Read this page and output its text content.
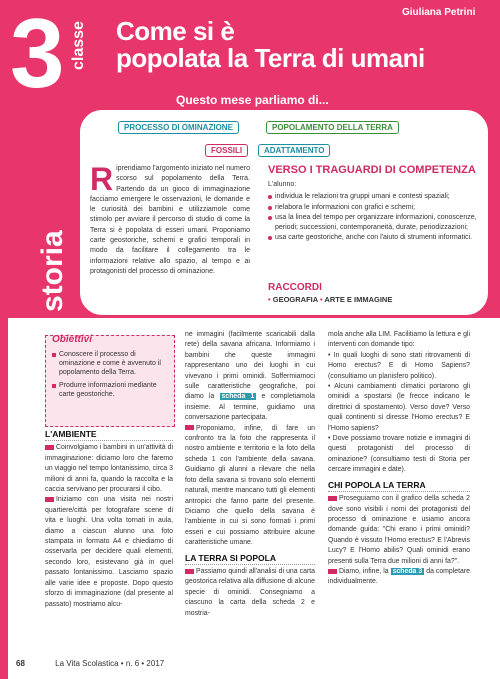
3 classe
storia
Giuliana Petrini
Come si è
popolata la Terra di umani
Questo mese parliamo di...
PROCESSO DI OMINAZIONE	POPOLAMENTO DELLA TERRA
FOSSILI	ADATTAMENTO
Riprendiamo l'argomento iniziato nel numero scorso sul popolamento della Terra. Partendo da un gioco di immaginazione facciamo emergere le osservazioni, le domande e le curiosità dei bambini e utilizziamole come stimolo per avviare il percorso di studio di come la Terra si è popolata di esseri umani. Proponiamo carte geostoriche, schemi e grafici temporali in modo da facilitare il collegamento tra le informazioni relative allo spazio, al tempo e ai protagonisti del processo di ominazione.
VERSO I TRAGUARDI DI COMPETENZA
L'alunno:
individua le relazioni tra gruppi umani e contesti spaziali;
rielabora le informazioni con grafici e schemi;
usa la linea del tempo per organizzare informazioni, conoscenze, periodi; successioni, contemporaneità, durate, periodizzazioni;
usa carte geostoriche, anche con l'aiuto di strumenti informatici.
RACCORDI
• GEOGRAFIA • ARTE E IMMAGINE
Obiettivi
Conoscere il processo di ominazione e come è avvenuto il popolamento della Terra.
Produrre informazioni mediante carte geostoriche.
L'AMBIENTE
Coinvolgiamo i bambini in un'attività di immaginazione: diciamo loro che faremo un viaggio nel tempo lontanissimo, circa 3 milioni di anni fa, quando la raccolta e la caccia servivano per procurarsi il cibo.
Iniziamo con una visita nei nostri quartiere/città per fotografare scene di vita e luoghi. Una volta tornati in aula, diamo a ciascun alunno una foto stampata in formato A4 e chiediamo di osservarla per decidere quali elementi, secondo loro, esistevano già in quel passato lontanissimo. Lasciamo spazio alle varie idee e proposte. Dopo questo sforzo di immaginazione (dal presente al passato) mostriamo alcu-
ne immagini (facilmente scaricabili dalla rete) della savana africana. Informiamo i bambini che queste immagini rappresentano uno dei luoghi in cui vivevano i primi ominidi. Soffermiamoci sulle caratteristiche geografiche, poi diamo la scheda 1 e completiamola insieme. Al termine, guidiamo una conversazione partecipata.
Proponiamo, infine, di fare un confronto tra la foto che rappresenta il nostro ambiente e territorio e la foto della scheda 1 con l'ambiente della savana. Guidiamo gli alunni a rilevare che nella foto della savana si trovano solo elementi naturali, mentre mancano tutti gli elementi antropici che fanno parte del presente. Diciamo che quello della savana è l'ambiente in cui si sono formati i primi esseri e cui possiamo attribuire alcune caratteristiche umane.
LA TERRA SI POPOLA
Passiamo quindi all'analisi di una carta geostorica relativa alla diffusione di alcune specie di ominidi. Consegniamo a ciascuno la carta della scheda 2 e mostria-
mola anche alla LIM. Facilitiamo la lettura e gli interventi con domande tipo:
• In quali luoghi di sono stati ritrovamenti di Homo erectus? E di Homo Sapiens? (consultiamo un planisfero politico).
• Alcuni cambiamenti climatici portarono gli ominidi a spostarsi (le frecce indicano le direttrici di spostamento). Verso dove? Verso quali continenti si diresse l'Homo erectus? E l'Homo sapiens?
• Dove possiamo trovare notizie e immagini di questi protagonisti del processo di ominazione? (consultiamo testi di Storia per cercare immagini e date).
CHI POPOLA LA TERRA
Proseguiamo con il grafico della scheda 2 dove sono visibili i nomi dei protagonisti del processo di ominazione e usiamo ancora domande guida: "Chi erano i primi ominidi? Quando è vissuto l'Homo erectus? E l'Abrevis Lucy? E l'Homo abilis? Quali ominidi erano presenti sulla Terra due milioni di anni fa?".
Diamo, infine, la scheda 3 da completare individualmente.
68	La Vita Scolastica • n. 6 • 2017
